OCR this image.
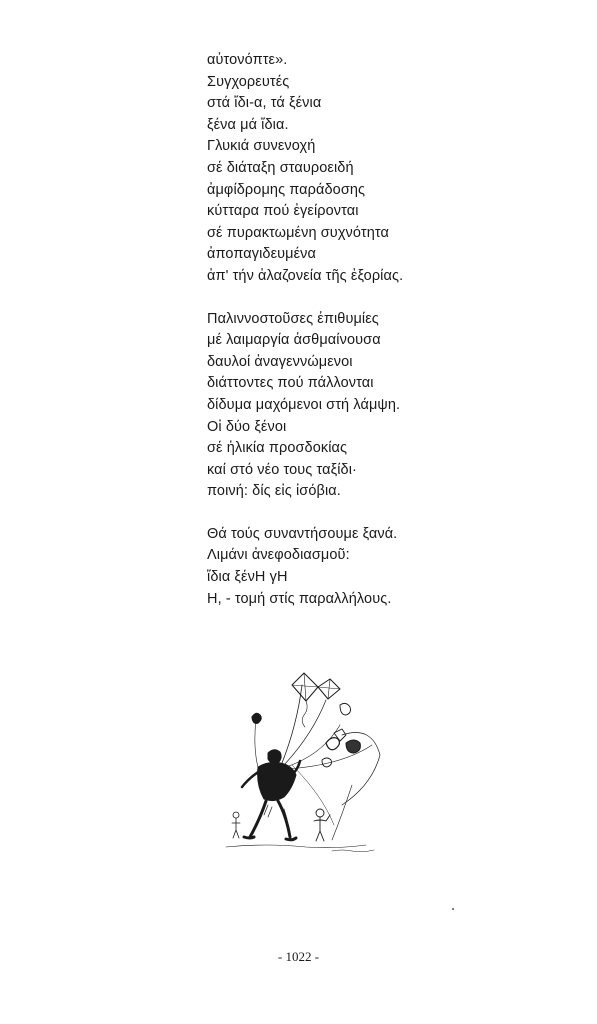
αὐτονόπτε».
Συγχορευτές
στά ἴδι-α, τά ξένια
ξένα μά ἴδια.
Γλυκιά συνενοχή
σέ διάταξη σταυροειδή
ἀμφίδρομης παράδοσης
κύτταρα πού ἐγείρονται
σέ πυρακτωμένη συχνότητα
ἀποπαγιδευμένα
ἀπ' τήν ἀλαζονεία τῆς ἐξορίας.
Παλιννοστοῦσες ἐπιθυμίες
μέ λαιμαργία ἀσθμαίνουσα
δαυλοί ἀναγεννώμενοι
διάττοντες πού πάλλονται
δίδυμα μαχόμενοι στή λάμψη.
Οἱ δύο ξένοι
σέ ἡλικία προσδοκίας
καί στό νέο τους ταξίδι·
ποινή: δίς εἰς ἰσόβια.
Θά τούς συναντήσουμε ξανά.
Λιμάνι ἀνεφοδιασμοῦ:
ἴδια ξένΗ γΗ
Η, - τομή στίς παραλλήλους.
- 1022 -
